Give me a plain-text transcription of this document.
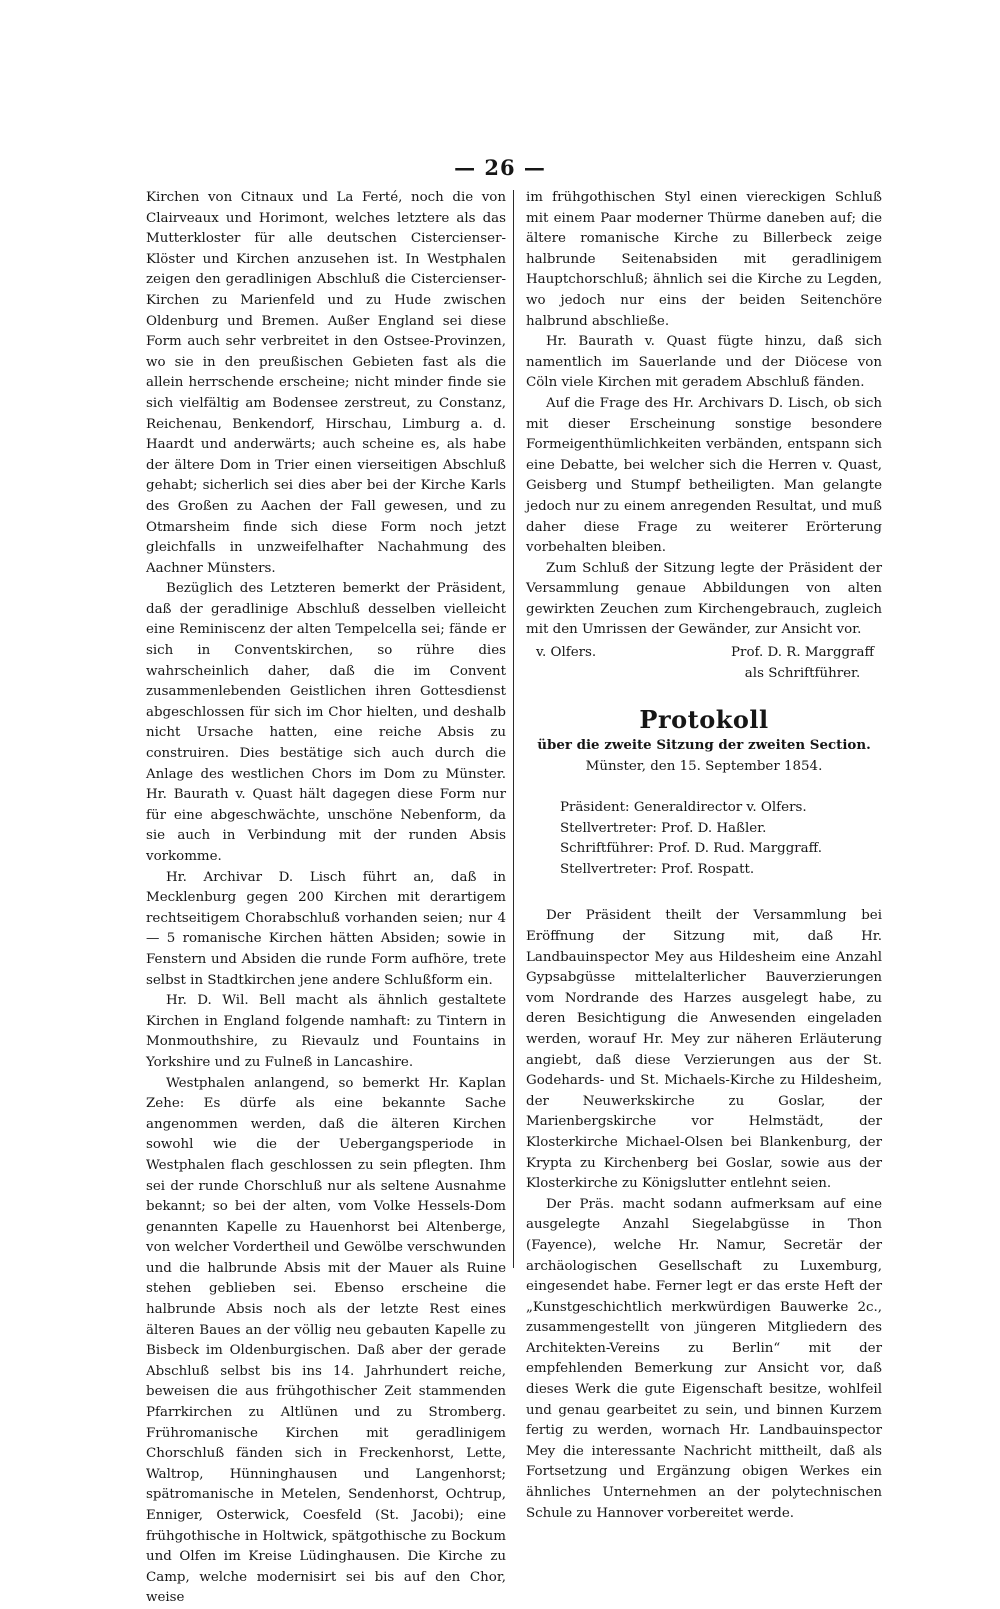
— 26 —

Kirchen von Citnaux und La Ferté, noch die von Clairveaux und Horimont, welches letztere als das Mutterkloster für alle deutschen Cistercienser-Klöster und Kirchen anzusehen ist. In Westphalen zeigen den geradlinigen Abschluß die Cistercienser-Kirchen zu Marienfeld und zu Hude zwischen Oldenburg und Bremen. Außer England sei diese Form auch sehr verbreitet in den Ostsee-Provinzen, wo sie in den preußischen Gebieten fast als die allein herrschende erscheine; nicht minder finde sie sich vielfältig am Bodensee zerstreut, zu Constanz, Reichenau, Benkendorf, Hirschau, Limburg a. d. Haardt und anderwärts; auch scheine es, als habe der ältere Dom in Trier einen vierseitigen Abschluß gehabt; sicherlich sei dies aber bei der Kirche Karls des Großen zu Aachen der Fall gewesen, und zu Otmarsheim finde sich diese Form noch jetzt gleichfalls in unzweifelhafter Nachahmung des Aachner Münsters.

Bezüglich des Letzteren bemerkt der Präsident, daß der geradlinige Abschluß desselben vielleicht eine Reminiscenz der alten Tempelcella sei; fände er sich in Conventskirchen, so rühre dies wahrscheinlich daher, daß die im Convent zusammenlebenden Geistlichen ihren Gottesdienst abgeschlossen für sich im Chor hielten, und deshalb nicht Ursache hatten, eine reiche Absis zu construiren. Dies bestätige sich auch durch die Anlage des westlichen Chors im Dom zu Münster. Hr. Baurath v. Quast hält dagegen diese Form nur für eine abgeschwächte, unschöne Nebenform, da sie auch in Verbindung mit der runden Absis vorkomme.

Hr. Archivar D. Lisch führt an, daß in Mecklenburg gegen 200 Kirchen mit derartigem rechtseitigem Chorabschluß vorhanden seien; nur 4 — 5 romanische Kirchen hätten Absiden; sowie in Fenstern und Absiden die runde Form aufhöre, trete selbst in Stadtkirchen jene andere Schlußform ein.

Hr. D. Wil. Bell macht als ähnlich gestaltete Kirchen in England folgende namhaft: zu Tintern in Monmouthshire, zu Rievaulz und Fountains in Yorkshire und zu Fulneß in Lancashire.

Westphalen anlangend, so bemerkt Hr. Kaplan Zehe: Es dürfe als eine bekannte Sache angenommen werden, daß die älteren Kirchen sowohl wie die der Uebergangsperiode in Westphalen flach geschlossen zu sein pflegten. Ihm sei der runde Chorschluß nur als seltene Ausnahme bekannt; so bei der alten, vom Volke Hessels-Dom genannten Kapelle zu Hauenhorst bei Altenberge, von welcher Vordertheil und Gewölbe verschwunden und die halbrunde Absis mit der Mauer als Ruine stehen geblieben sei. Ebenso erscheine die halbrunde Absis noch als der letzte Rest eines älteren Baues an der völlig neu gebauten Kapelle zu Bisbeck im Oldenburgischen. Daß aber der gerade Abschluß selbst bis ins 14. Jahrhundert reiche, beweisen die aus frühgothischer Zeit stammenden Pfarrkirchen zu Altlünen und zu Stromberg. Frühromanische Kirchen mit geradlinigem Chorschluß fänden sich in Freckenhorst, Lette, Waltrop, Hünninghausen und Langenhorst; spätromanische in Metelen, Sendenhorst, Ochtrup, Enniger, Osterwick, Coesfeld (St. Jacobi); eine frühgothische in Holtwick, spätgothische zu Bockum und Olfen im Kreise Lüdinghausen. Die Kirche zu Camp, welche modernisirt sei bis auf den Chor, weise

im frühgothischen Styl einen viereckigen Schluß mit einem Paar moderner Thürme daneben auf; die ältere romanische Kirche zu Billerbeck zeige halbrunde Seitenabsiden mit geradlinigem Hauptchorschluß; ähnlich sei die Kirche zu Legden, wo jedoch nur eins der beiden Seitenchöre halbrund abschließe.

Hr. Baurath v. Quast fügte hinzu, daß sich namentlich im Sauerlande und der Diöcese von Cöln viele Kirchen mit geradem Abschluß fänden.

Auf die Frage des Hr. Archivars D. Lisch, ob sich mit dieser Erscheinung sonstige besondere Formeigenthümlichkeiten verbänden, entspann sich eine Debatte, bei welcher sich die Herren v. Quast, Geisberg und Stumpf betheiligten. Man gelangte jedoch nur zu einem anregenden Resultat, und muß daher diese Frage zu weiterer Erörterung vorbehalten bleiben.

Zum Schluß der Sitzung legte der Präsident der Versammlung genaue Abbildungen von alten gewirkten Zeuchen zum Kirchengebrauch, zugleich mit den Umrissen der Gewänder, zur Ansicht vor.

v. Olfers.	Prof. D. R. Marggraff
als Schriftführer.
Protokoll
über die zweite Sitzung der zweiten Section.
Münster, den 15. September 1854.
Präsident: Generaldirector v. Olfers.
Stellvertreter: Prof. D. Haßler.
Schriftführer: Prof. D. Rud. Marggraff.
Stellvertreter: Prof. Rospatt.

Der Präsident theilt der Versammlung bei Eröffnung der Sitzung mit, daß Hr. Landbauinspector Mey aus Hildesheim eine Anzahl Gypsabgüsse mittelalterlicher Bauverzierungen vom Nordrande des Harzes ausgelegt habe, zu deren Besichtigung die Anwesenden eingeladen werden, worauf Hr. Mey zur näheren Erläuterung angiebt, daß diese Verzierungen aus der St. Godehards- und St. Michaels-Kirche zu Hildesheim, der Neuwerkskirche zu Goslar, der Marienbergskirche vor Helmstädt, der Klosterkirche Michael-Olsen bei Blankenburg, der Krypta zu Kirchenberg bei Goslar, sowie aus der Klosterkirche zu Königslutter entlehnt seien.

Der Präs. macht sodann aufmerksam auf eine ausgelegte Anzahl Siegelabgüsse in Thon (Fayence), welche Hr. Namur, Secretär der archäologischen Gesellschaft zu Luxemburg, eingesendet habe. Ferner legt er das erste Heft der „Kunstgeschichtlich merkwürdigen Bauwerke 2c., zusammengestellt von jüngeren Mitgliedern des Architekten-Vereins zu Berlin“ mit der empfehlenden Bemerkung zur Ansicht vor, daß dieses Werk die gute Eigenschaft besitze, wohlfeil und genau gearbeitet zu sein, und binnen Kurzem fertig zu werden, wornach Hr. Landbauinspector Mey die interessante Nachricht mittheilt, daß als Fortsetzung und Ergänzung obigen Werkes ein ähnliches Unternehmen an der polytechnischen Schule zu Hannover vorbereitet werde.
